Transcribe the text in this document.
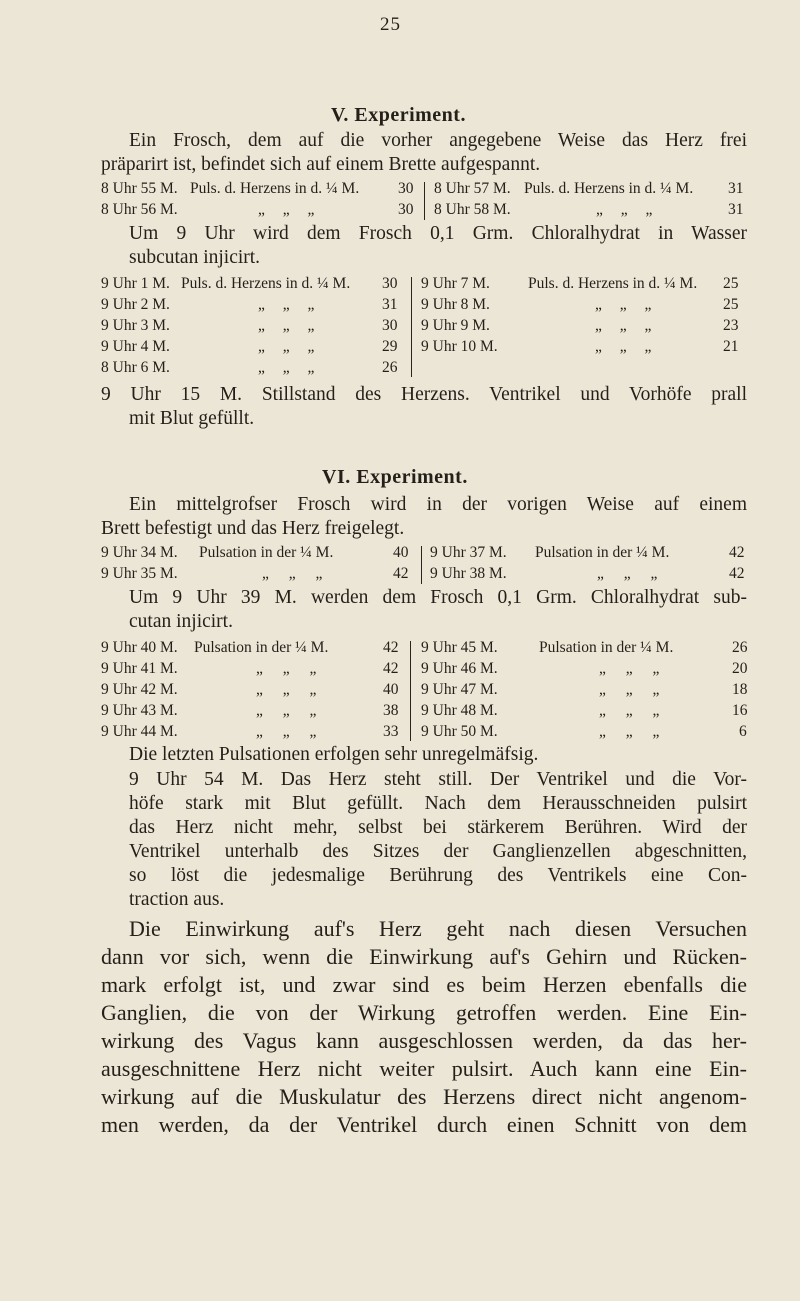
25
V. Experiment.
Ein Frosch, dem auf die vorher angegebene Weise das Herz frei
präparirt ist, befindet sich auf einem Brette aufgespannt.
8 Uhr 55 M. Puls. d. Herzens in d. ¼ M.	30
8 Uhr 56 M.	„ „ „	30
8 Uhr 57 M. Puls. d. Herzens in d. ¼ M. 31
8 Uhr 58 M.	„ „ „	31
Um 9 Uhr wird dem Frosch 0,1 Grm. Chloralhydrat in Wasser
subcutan injicirt.
9 Uhr 1 M. Puls. d. Herzens in d. ¼ M. 30
9 Uhr 2 M.	„ „ „	31
9 Uhr 3 M.	„ „ „	30
9 Uhr 4 M.	„ „ „	29
8 Uhr 6 M.	„ „ „	26
9 Uhr 7 M. Puls. d. Herzens in d. ¼ M. 25
9 Uhr 8 M.	„ „ „	25
9 Uhr 9 M.	„ „ „	23
9 Uhr 10 M.	„ „ „	21
9 Uhr 15 M. Stillstand des Herzens. Ventrikel und Vorhöfe prall
mit Blut gefüllt.
VI. Experiment.
Ein mittelgrofser Frosch wird in der vorigen Weise auf einem
Brett befestigt und das Herz freigelegt.
9 Uhr 34 M. Pulsation in der ¼ M.	40
9 Uhr 35 M.	„ „ „	42
9 Uhr 37 M. Pulsation in der ¼ M.	42
9 Uhr 38 M.	„ „ „	42
Um 9 Uhr 39 M. werden dem Frosch 0,1 Grm. Chloralhydrat sub-
cutan injicirt.
9 Uhr 40 M. Pulsation in der ¼ M.	42
9 Uhr 41 M.	„ „ „	42
9 Uhr 42 M.	„ „ „	40
9 Uhr 43 M.	„ „ „	38
9 Uhr 44 M.	„ „ „	33
9 Uhr 45 M.	Pulsation in der ¼ M.	26
9 Uhr 46 M.	„ „ „	20
9 Uhr 47 M.	„ „ „	18
9 Uhr 48 M.	„ „ „	16
9 Uhr 50 M.	„ „ „	6
Die letzten Pulsationen erfolgen sehr unregelmäfsig.
9 Uhr 54 M. Das Herz steht still. Der Ventrikel und die Vor-
höfe stark mit Blut gefüllt. Nach dem Herausschneiden pulsirt
das Herz nicht mehr, selbst bei stärkerem Berühren. Wird der
Ventrikel unterhalb des Sitzes der Ganglienzellen abgeschnitten,
so löst die jedesmalige Berührung des Ventrikels eine Con-
traction aus.
Die Einwirkung auf's Herz geht nach diesen Versuchen
dann vor sich, wenn die Einwirkung auf's Gehirn und Rücken-
mark erfolgt ist, und zwar sind es beim Herzen ebenfalls die
Ganglien, die von der Wirkung getroffen werden. Eine Ein-
wirkung des Vagus kann ausgeschlossen werden, da das her-
ausgeschnittene Herz nicht weiter pulsirt. Auch kann eine Ein-
wirkung auf die Muskulatur des Herzens direct nicht angenom-
men werden, da der Ventrikel durch einen Schnitt von dem
